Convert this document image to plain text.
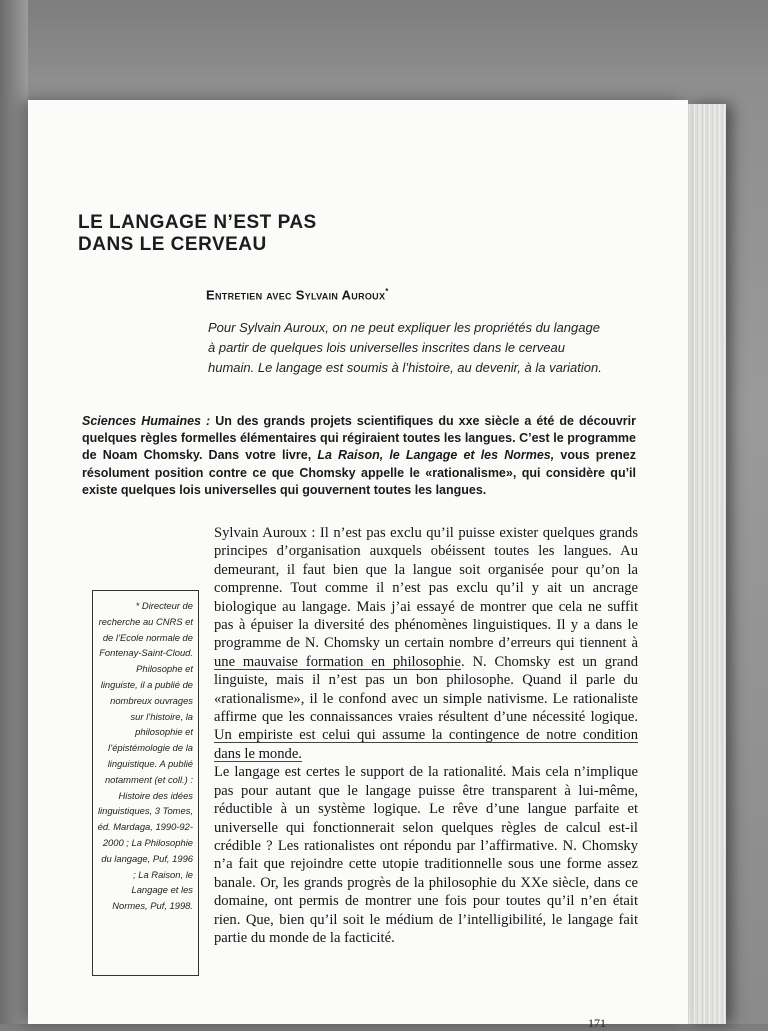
LE LANGAGE N’EST PAS
DANS LE CERVEAU
Entretien avec Sylvain Auroux*

Pour Sylvain Auroux, on ne peut expliquer les propriétés du langage à partir de quelques lois universelles inscrites dans le cerveau humain. Le langage est soumis à l’histoire, au devenir, à la variation.

Sciences Humaines : Un des grands projets scientifiques du xxe siècle a été de découvrir quelques règles formelles élémentaires qui régiraient toutes les langues. C’est le programme de Noam Chomsky. Dans votre livre, La Raison, le Langage et les Normes, vous prenez résolument position contre ce que Chomsky appelle le «rationalisme», qui considère qu’il existe quelques lois universelles qui gouvernent toutes les langues.

Sylvain Auroux : Il n’est pas exclu qu’il puisse exister quelques grands principes d’organisation auxquels obéissent toutes les langues. Au demeurant, il faut bien que la langue soit organisée pour qu’on la comprenne. Tout comme il n’est pas exclu qu’il y ait un ancrage biologique au langage. Mais j’ai essayé de montrer que cela ne suffit pas à épuiser la diversité des phénomènes linguistiques. Il y a dans le programme de N. Chomsky un certain nombre d’erreurs qui tiennent à une mauvaise formation en philosophie. N. Chomsky est un grand linguiste, mais il n’est pas un bon philosophe. Quand il parle du «rationalisme», il le confond avec un simple nativisme. Le rationaliste affirme que les connaissances vraies résultent d’une nécessité logique. Un empiriste est celui qui assume la contingence de notre condition dans le monde.

Le langage est certes le support de la rationalité. Mais cela n’implique pas pour autant que le langage puisse être transparent à lui-même, réductible à un système logique. Le rêve d’une langue parfaite et universelle qui fonctionnerait selon quelques règles de calcul est-il crédible ? Les rationalistes ont répondu par l’affirmative. N. Chomsky n’a fait que rejoindre cette utopie traditionnelle sous une forme assez banale. Or, les grands progrès de la philosophie du XXe siècle, dans ce domaine, ont permis de montrer une fois pour toutes qu’il n’en était rien. Que, bien qu’il soit le médium de l’intelligibilité, le langage fait partie du monde de la facticité.

* Directeur de recherche au CNRS et de l’Ecole normale de Fontenay-Saint-Cloud. Philosophe et linguiste, il a publié de nombreux ouvrages sur l’histoire, la philosophie et l’épistémologie de la linguistique. A publié notamment (et coll.) : Histoire des idées linguistiques, 3 Tomes, éd. Mardaga, 1990-92-2000 ; La Philosophie du langage, Puf, 1996 ; La Raison, le Langage et les Normes, Puf, 1998.

171
